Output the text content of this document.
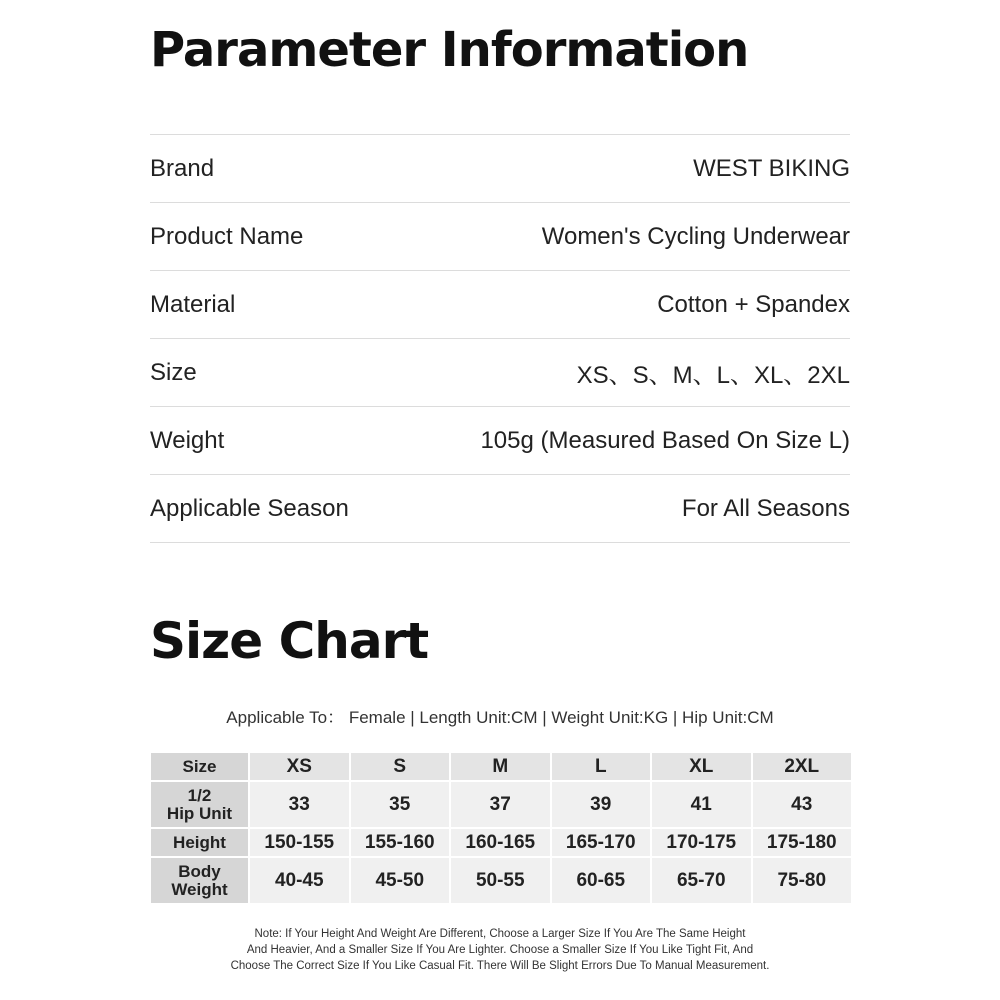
Parameter Information
Brand	WEST BIKING
Product Name	Women's Cycling Underwear
Material	Cotton + Spandex
Size	XS、S、M、L、XL、2XL
Weight	105g (Measured Based On Size L)
Applicable Season	For All Seasons
Size Chart
Applicable To： Female | Length Unit:CM | Weight Unit:KG | Hip Unit:CM
Size	XS	S	M	L	XL	2XL

1/2
Hip Unit	33	35	37	39	41	43

Height	150-155	155-160	160-165	165-170	170-175	175-180

Body
Weight	40-45	45-50	50-55	60-65	65-70	75-80
Note: If Your Height And Weight Are Different, Choose a Larger Size If You Are The Same Height
And Heavier, And a Smaller Size If You Are Lighter. Choose a Smaller Size If You Like Tight Fit, And
Choose The Correct Size If You Like Casual Fit. There Will Be Slight Errors Due To Manual Measurement.
